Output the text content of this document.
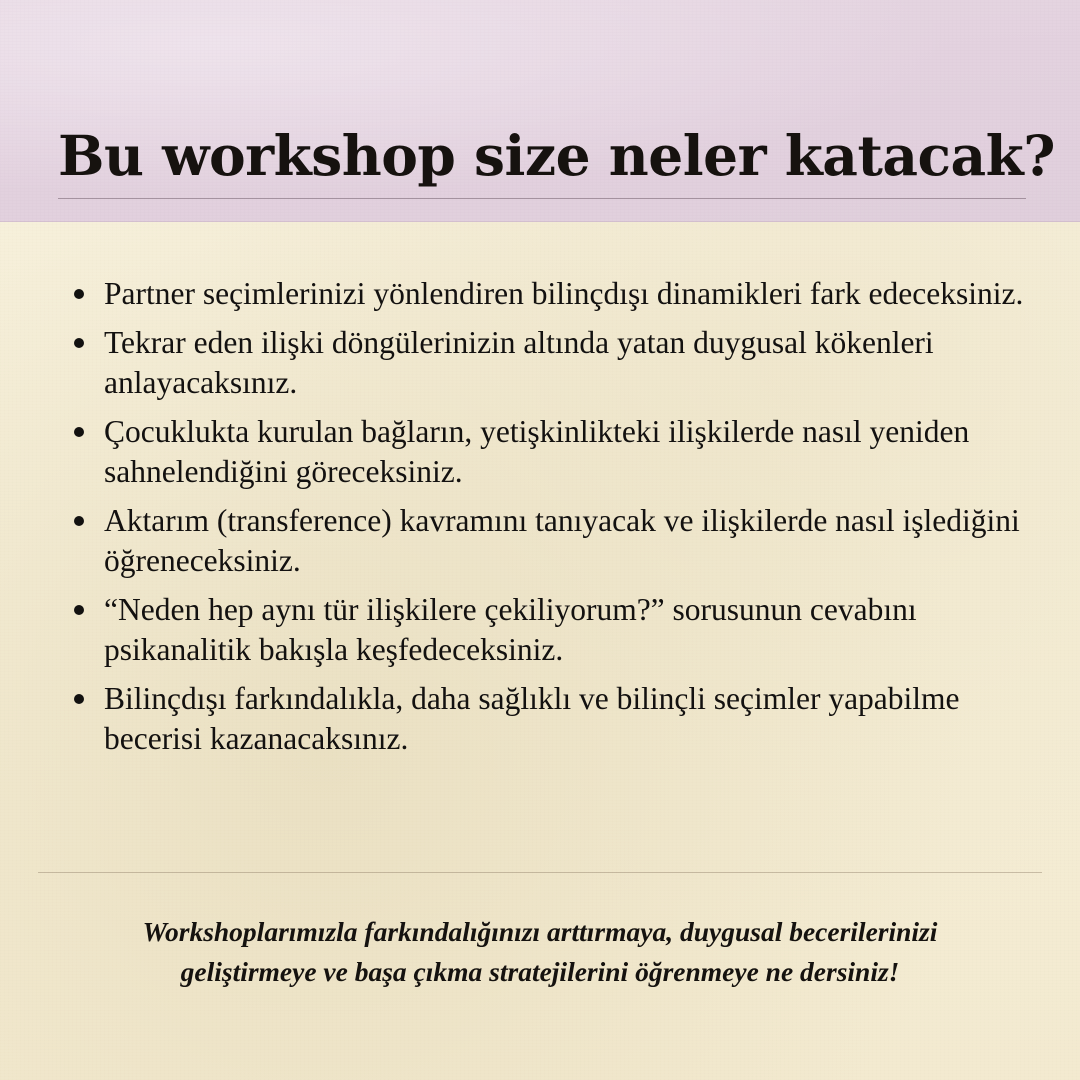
Bu workshop size neler katacak?
Partner seçimlerinizi yönlendiren bilinçdışı dinamikleri fark edeceksiniz.
Tekrar eden ilişki döngülerinizin altında yatan duygusal kökenleri anlayacaksınız.
Çocuklukta kurulan bağların, yetişkinlikteki ilişkilerde nasıl yeniden sahnelendiğini göreceksiniz.
Aktarım (transference) kavramını tanıyacak ve ilişkilerde nasıl işlediğini öğreneceksiniz.
“Neden hep aynı tür ilişkilere çekiliyorum?” sorusunun cevabını psikanalitik bakışla keşfedeceksiniz.
Bilinçdışı farkındalıkla, daha sağlıklı ve bilinçli seçimler yapabilme becerisi kazanacaksınız.
Workshoplarımızla farkındalığınızı arttırmaya, duygusal becerilerinizi geliştirmeye ve başa çıkma stratejilerini öğrenmeye ne dersiniz!
